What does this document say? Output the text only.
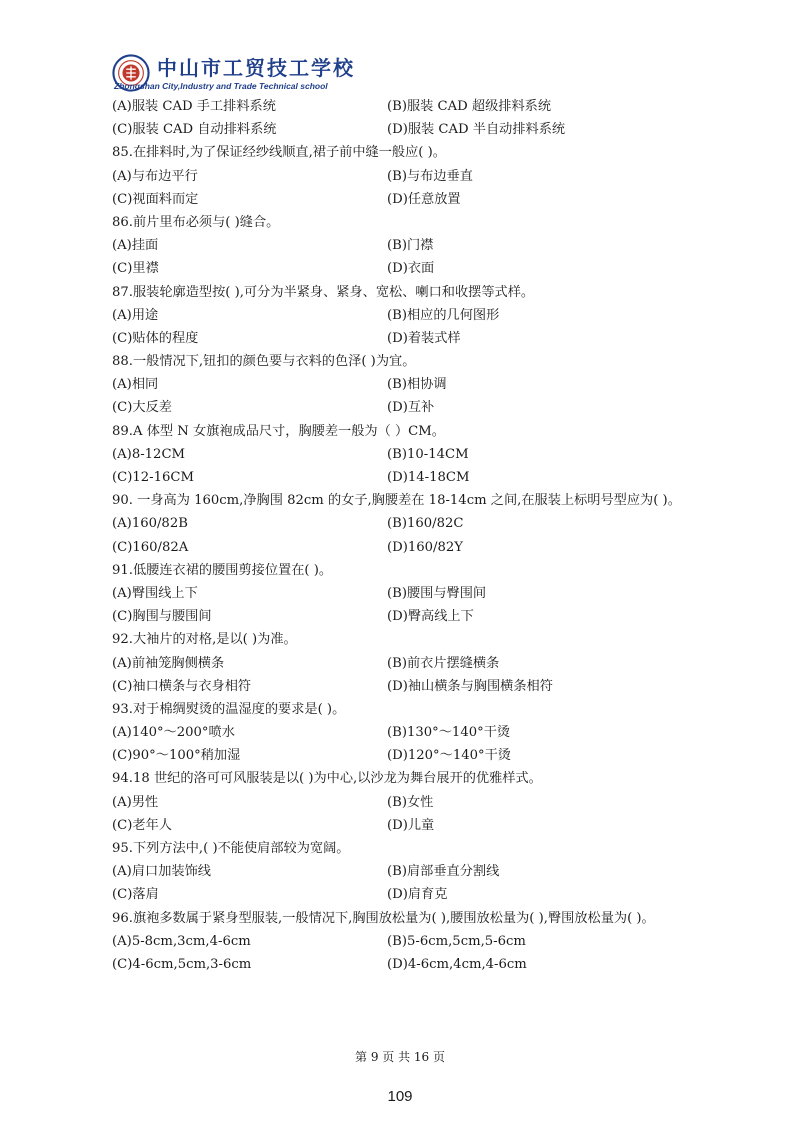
中山市工贸技工学校
Zhongshan City,Industry and Trade Technical school
(A)服装 CAD 手工排料系统	(B)服装 CAD 超级排料系统
(C)服装 CAD 自动排料系统	(D)服装 CAD 半自动排料系统
85.在排料时,为了保证经纱线顺直,裙子前中缝一般应( )。
(A)与布边平行	(B)与布边垂直
(C)视面料而定	(D)任意放置
86.前片里布必须与( )缝合。
(A)挂面	(B)门襟
(C)里襟	(D)衣面
87.服装轮廓造型按( ),可分为半紧身、紧身、宽松、喇口和收摆等式样。
(A)用途	(B)相应的几何图形
(C)贴体的程度	(D)着装式样
88.一般情况下,钮扣的颜色要与衣料的色泽( )为宜。
(A)相同	(B)相协调
(C)大反差	(D)互补
89.A 体型 N 女旗袍成品尺寸，胸腰差一般为（ ）CM。
(A)8-12CM	(B)10-14CM
(C)12-16CM	(D)14-18CM
90. 一身高为 160cm,净胸围 82cm 的女子,胸腰差在 18-14cm 之间,在服装上标明号型应为( )。
(A)160/82B	(B)160/82C
(C)160/82A	(D)160/82Y
91.低腰连衣裙的腰围剪接位置在( )。
(A)臀围线上下	(B)腰围与臀围间
(C)胸围与腰围间	(D)臀高线上下
92.大袖片的对格,是以( )为准。
(A)前袖笼胸侧横条	(B)前衣片摆缝横条
(C)袖口横条与衣身相符	(D)袖山横条与胸围横条相符
93.对于棉绸熨烫的温湿度的要求是( )。
(A)140°～200°喷水	(B)130°～140°干烫
(C)90°～100°稍加湿	(D)120°～140°干烫
94.18 世纪的洛可可风服装是以( )为中心,以沙龙为舞台展开的优雅样式。
(A)男性	(B)女性
(C)老年人	(D)儿童
95.下列方法中,( )不能使肩部较为宽阔。
(A)肩口加装饰线	(B)肩部垂直分割线
(C)落肩	(D)肩育克
96.旗袍多数属于紧身型服装,一般情况下,胸围放松量为( ),腰围放松量为( ),臀围放松量为( )。
(A)5-8cm,3cm,4-6cm	(B)5-6cm,5cm,5-6cm
(C)4-6cm,5cm,3-6cm	(D)4-6cm,4cm,4-6cm
第 9 页 共 16 页
109
